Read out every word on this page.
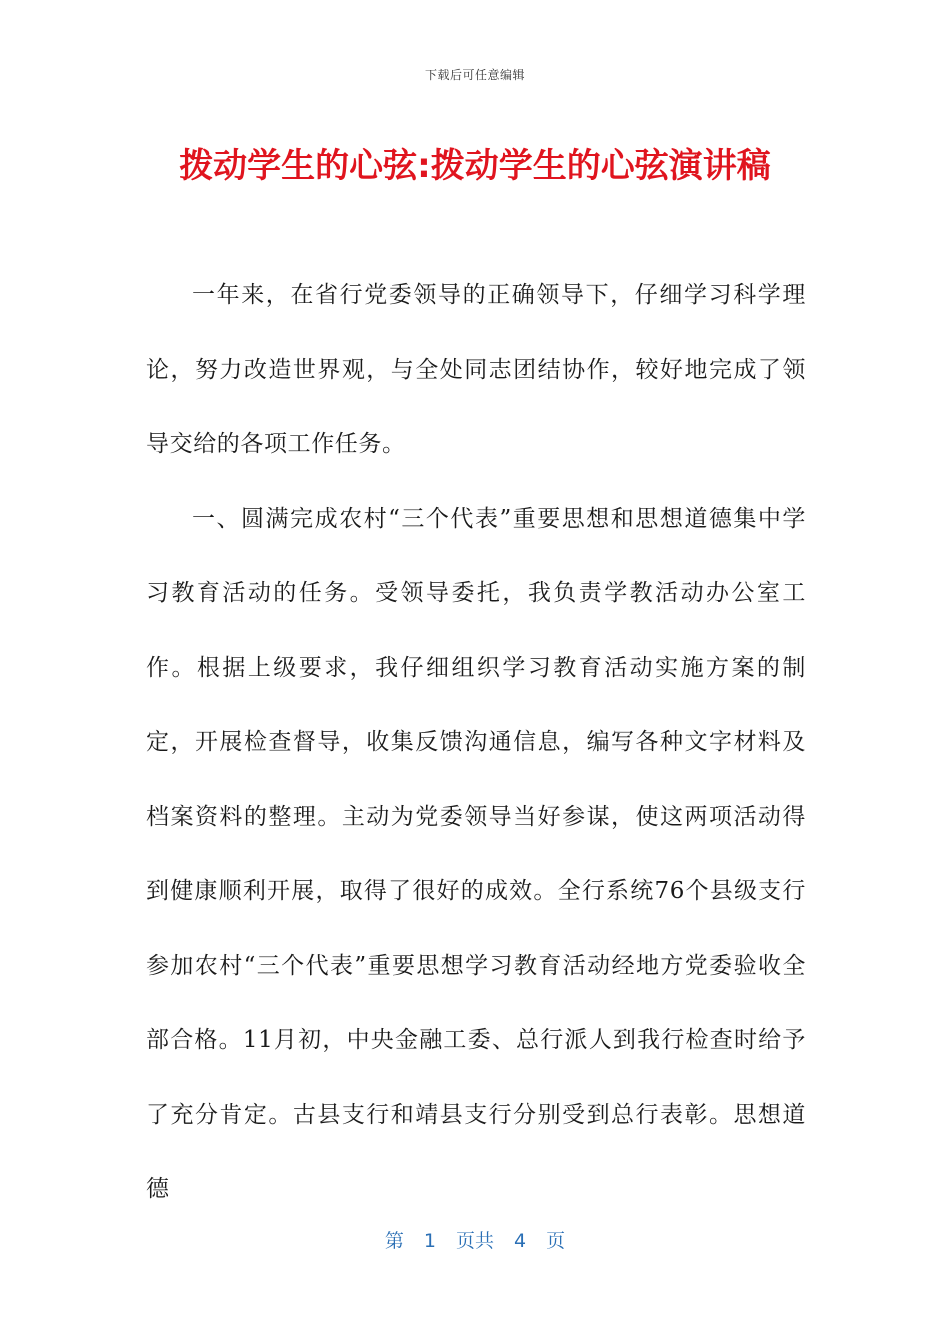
下载后可任意编辑
拨动学生的心弦:拨动学生的心弦演讲稿

一年来，在省行党委领导的正确领导下，仔细学习科学理论，努力改造世界观，与全处同志团结协作，较好地完成了领导交给的各项工作任务。

一、圆满完成农村“三个代表”重要思想和思想道德集中学习教育活动的任务。受领导委托，我负责学教活动办公室工作。根据上级要求，我仔细组织学习教育活动实施方案的制定，开展检查督导，收集反馈沟通信息，编写各种文字材料及档案资料的整理。主动为党委领导当好参谋，使这两项活动得到健康顺利开展，取得了很好的成效。全行系统76个县级支行参加农村“三个代表”重要思想学习教育活动经地方党委验收全部合格。11月初，中央金融工委、总行派人到我行检查时给予了充分肯定。古县支行和靖县支行分别受到总行表彰。思想道德

第 1 页共 4 页
